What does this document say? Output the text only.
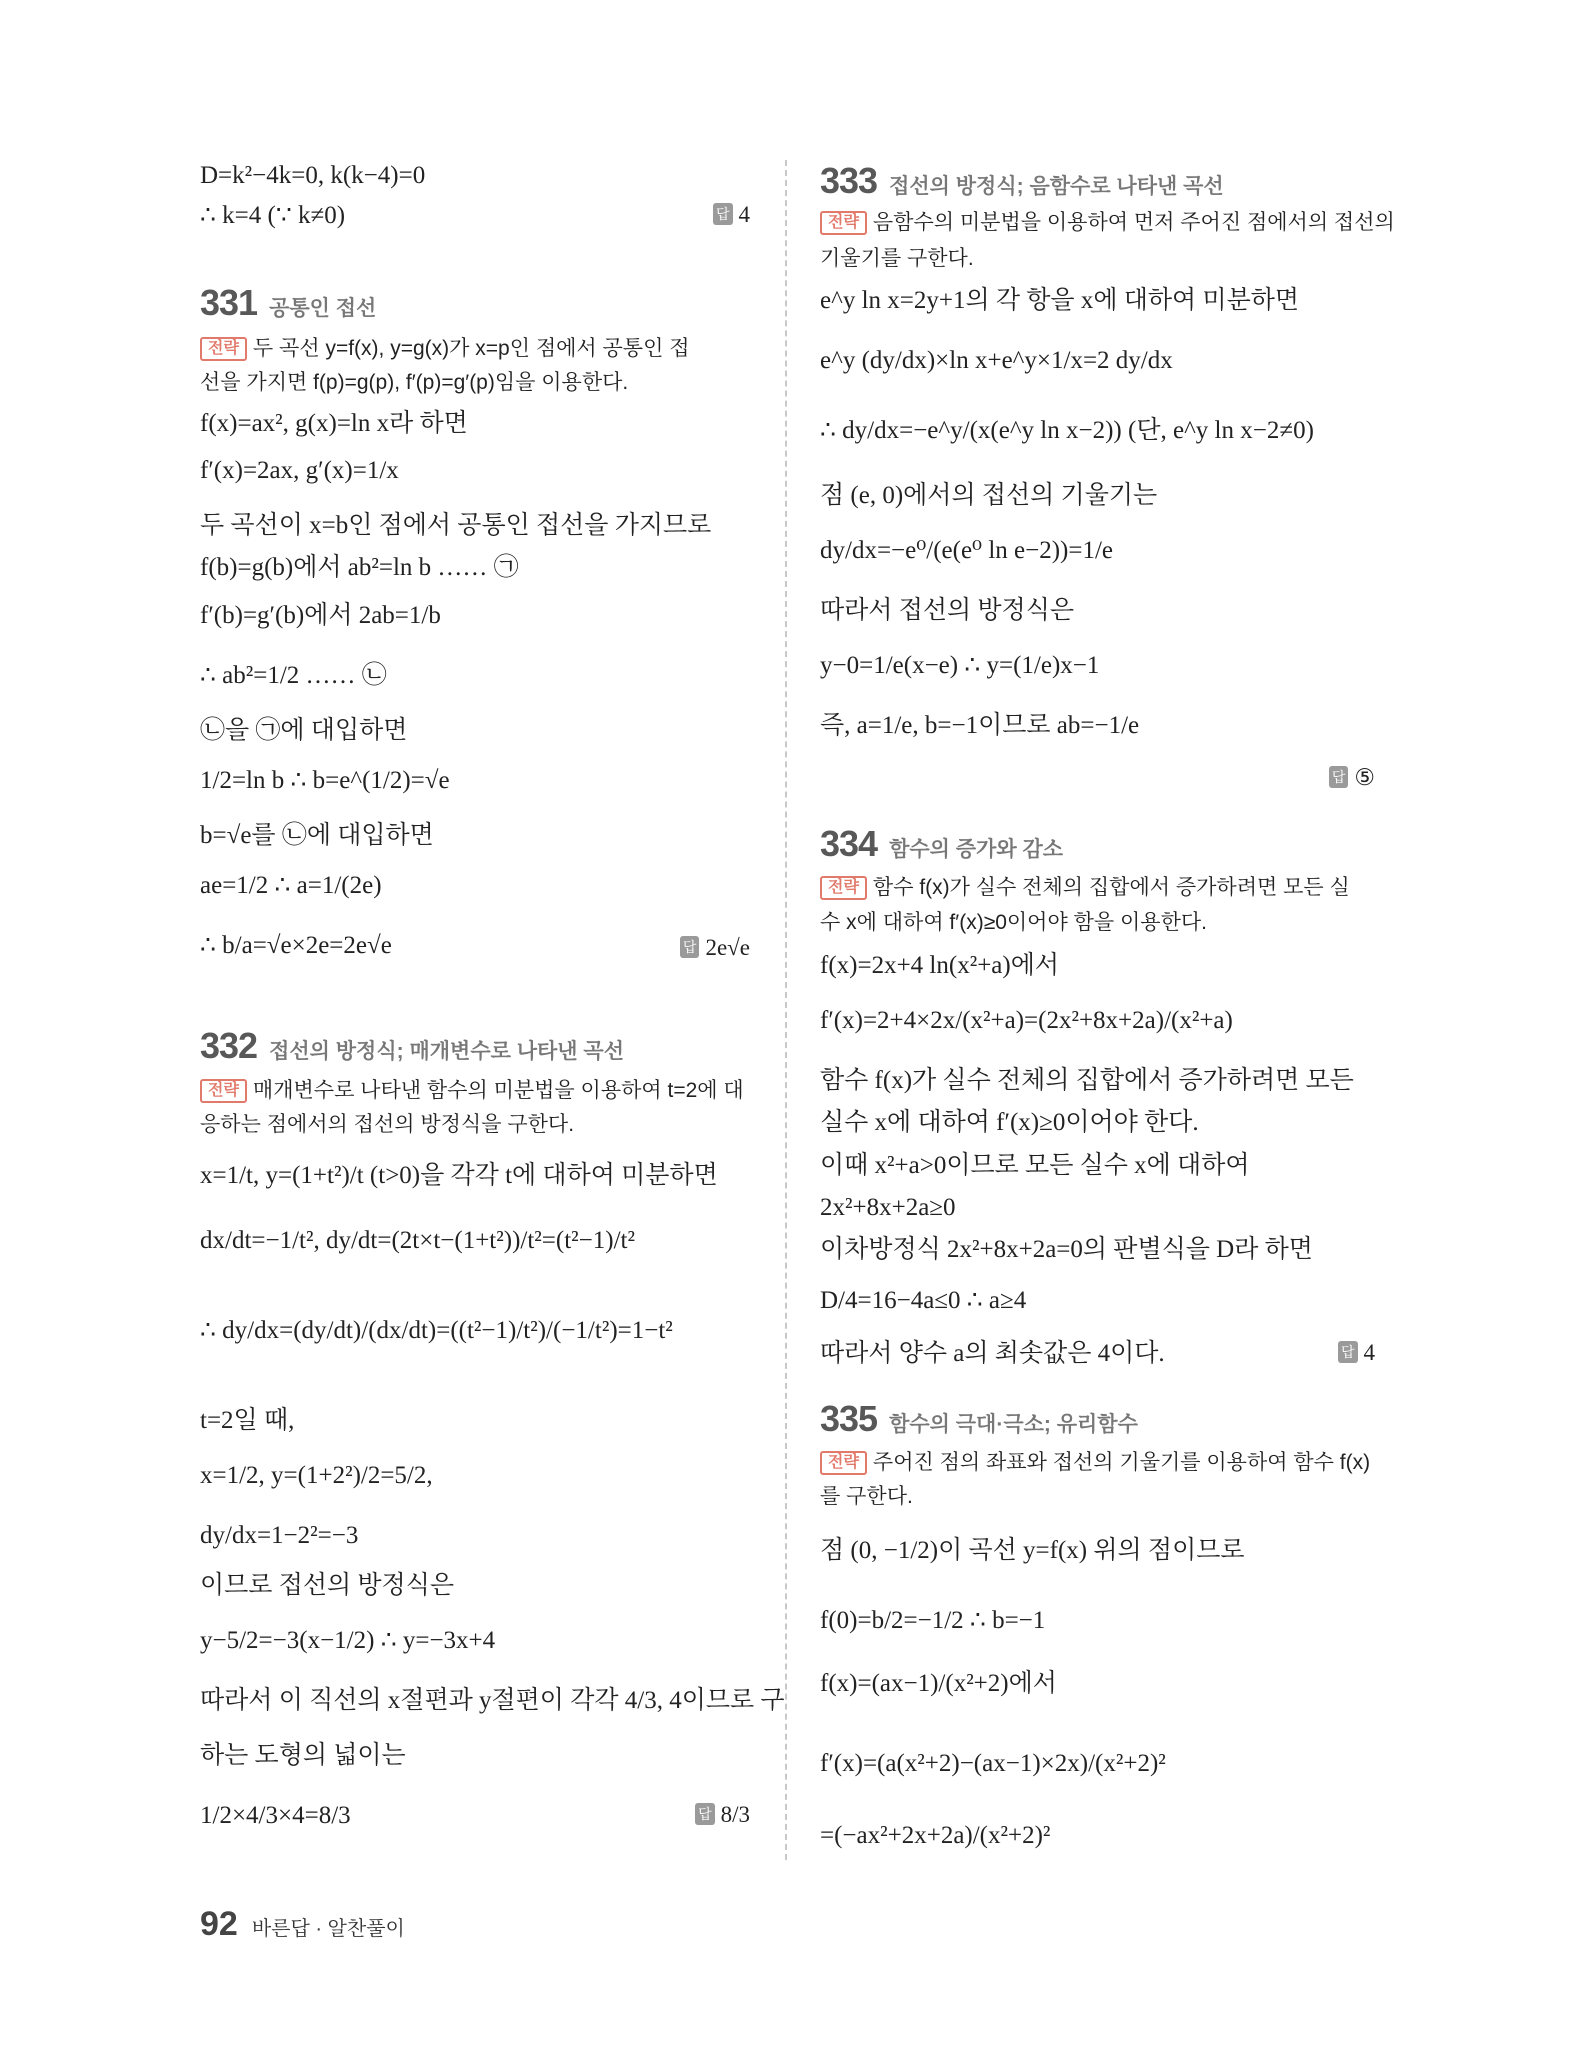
D=k²−4k=0, k(k−4)=0
∴ k=4 (∵ k≠0)	답 4
331 공통인 접선
전략 두 곡선 y=f(x), y=g(x)가 x=p인 점에서 공통인 접
선을 가지면 f(p)=g(p), f′(p)=g′(p)임을 이용한다.
f(x)=ax², g(x)=ln x라 하면
f′(x)=2ax, g′(x)=1/x
두 곡선이 x=b인 점에서 공통인 접선을 가지므로
f(b)=g(b)에서 ab²=ln b …… ㉠
f′(b)=g′(b)에서 2ab=1/b
∴ ab²=1/2 …… ㉡
㉡을 ㉠에 대입하면
1/2=ln b ∴ b=e^(1/2)=√e
b=√e를 ㉡에 대입하면
ae=1/2 ∴ a=1/(2e)
∴ b/a=√e×2e=2e√e	답 2e√e
332 접선의 방정식; 매개변수로 나타낸 곡선
전략 매개변수로 나타낸 함수의 미분법을 이용하여 t=2에 대
응하는 점에서의 접선의 방정식을 구한다.
x=1/t, y=(1+t²)/t (t>0)을 각각 t에 대하여 미분하면
dx/dt=−1/t², dy/dt=(2t×t−(1+t²))/t²=(t²−1)/t²
∴ dy/dx=(dy/dt)/(dx/dt)=((t²−1)/t²)/(−1/t²)=1−t²
t=2일 때,
x=1/2, y=(1+2²)/2=5/2,
dy/dx=1−2²=−3
이므로 접선의 방정식은
y−5/2=−3(x−1/2) ∴ y=−3x+4
따라서 이 직선의 x절편과 y절편이 각각 4/3, 4이므로 구
하는 도형의 넓이는
1/2×4/3×4=8/3	답 8/3
333 접선의 방정식; 음함수로 나타낸 곡선
전략 음함수의 미분법을 이용하여 먼저 주어진 점에서의 접선의
기울기를 구한다.
e^y ln x=2y+1의 각 항을 x에 대하여 미분하면
e^y (dy/dx)×ln x+e^y×1/x=2 dy/dx
∴ dy/dx=−e^y/(x(e^y ln x−2)) (단, e^y ln x−2≠0)
점 (e, 0)에서의 접선의 기울기는
dy/dx=−e⁰/(e(e⁰ ln e−2))=1/e
따라서 접선의 방정식은
y−0=1/e(x−e) ∴ y=(1/e)x−1
즉, a=1/e, b=−1이므로 ab=−1/e
답 ⑤
334 함수의 증가와 감소
전략 함수 f(x)가 실수 전체의 집합에서 증가하려면 모든 실
수 x에 대하여 f′(x)≥0이어야 함을 이용한다.
f(x)=2x+4 ln(x²+a)에서
f′(x)=2+4×2x/(x²+a)=(2x²+8x+2a)/(x²+a)
함수 f(x)가 실수 전체의 집합에서 증가하려면 모든
실수 x에 대하여 f′(x)≥0이어야 한다.
이때 x²+a>0이므로 모든 실수 x에 대하여
2x²+8x+2a≥0
이차방정식 2x²+8x+2a=0의 판별식을 D라 하면
D/4=16−4a≤0 ∴ a≥4
따라서 양수 a의 최솟값은 4이다.	답 4
335 함수의 극대·극소; 유리함수
전략 주어진 점의 좌표와 접선의 기울기를 이용하여 함수 f(x)
를 구한다.
점 (0, −1/2)이 곡선 y=f(x) 위의 점이므로
f(0)=b/2=−1/2 ∴ b=−1
f(x)=(ax−1)/(x²+2)에서
f′(x)=(a(x²+2)−(ax−1)×2x)/(x²+2)²
=(−ax²+2x+2a)/(x²+2)²
92 바른답 · 알찬풀이
